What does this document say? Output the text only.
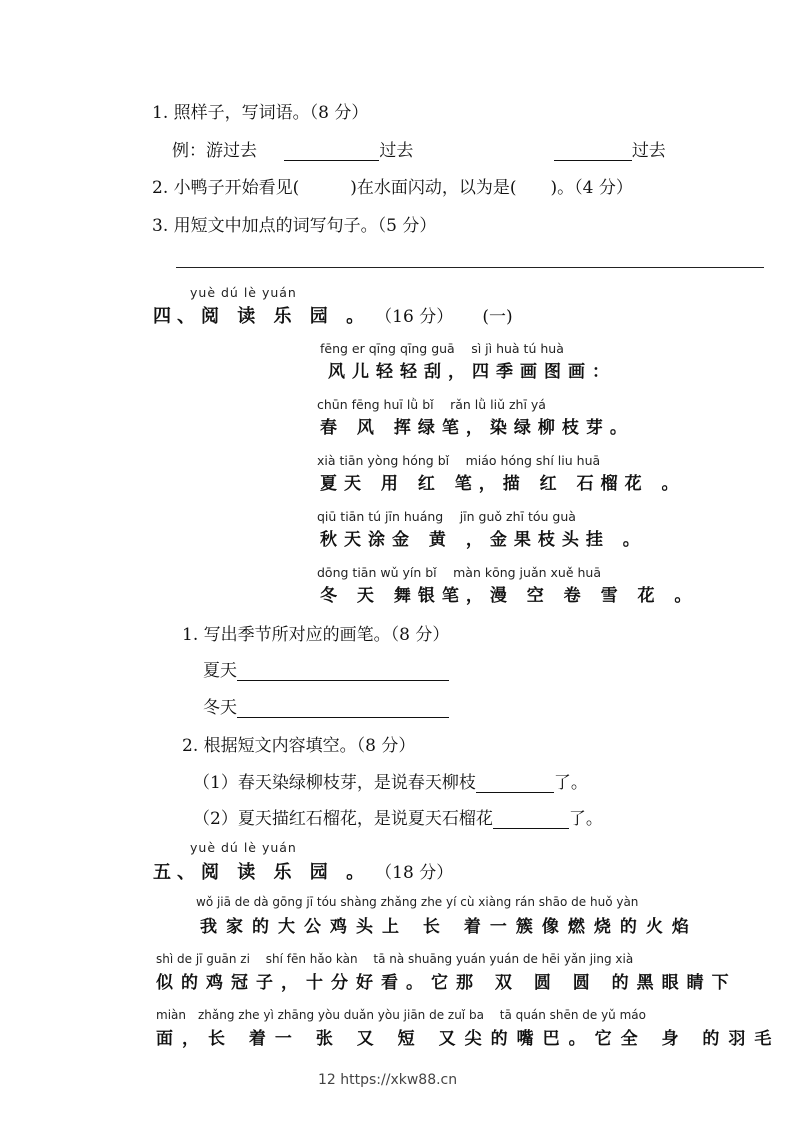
1. 照样子，写词语。（8 分）
例：游过去	过去	过去
2. 小鸭子开始看见(　　　)在水面闪动，以为是(　　)。（4 分）
3. 用短文中加点的词写句子。（5 分）
yuè dú lè yuán
四、阅 读 乐 园 。 （16 分） (一)
fēng er qīng qīng guā　 sì jì huà tú huà
风儿轻轻刮，四季画图画：
chūn fēng huī lǜ bǐ　 rǎn lǜ liǔ zhī yá
春 风 挥绿笔，染绿柳枝芽。
xià tiān yòng hóng bǐ　 miáo hóng shí liu huā
夏天 用 红 笔，描 红 石榴花 。
qiū tiān tú jīn huáng　 jīn guǒ zhī tóu guà
秋天涂金 黄 ，金果枝头挂 。
dōng tiān wǔ yín bǐ　 màn kōng juǎn xuě huā
冬 天 舞银笔，漫 空 卷 雪 花 。
1. 写出季节所对应的画笔。（8 分）
夏天
冬天
2. 根据短文内容填空。（8 分）
（1）春天染绿柳枝芽，是说春天柳枝	了。
（2）夏天描红石榴花，是说夏天石榴花	了。
yuè dú lè yuán
五、阅 读 乐 园 。 （18 分）
wǒ jiā de dà gōng jī tóu shàng zhǎng zhe yí cù xiàng rán shāo de huǒ yàn
我家的大公鸡头上 长 着一簇像燃烧的火焰
shì de jī guān zi　 shí fēn hǎo kàn　 tā nà shuāng yuán yuán de hēi yǎn jing xià
似的鸡冠子，十分好看。它那 双 圆 圆 的黑眼睛下
miàn　zhǎng zhe yì zhāng yòu duǎn yòu jiān de zuǐ ba　 tā quán shēn de yǔ máo
面，长 着一 张 又 短 又尖的嘴巴。它全 身 的羽毛
12 https://xkw88.cn
